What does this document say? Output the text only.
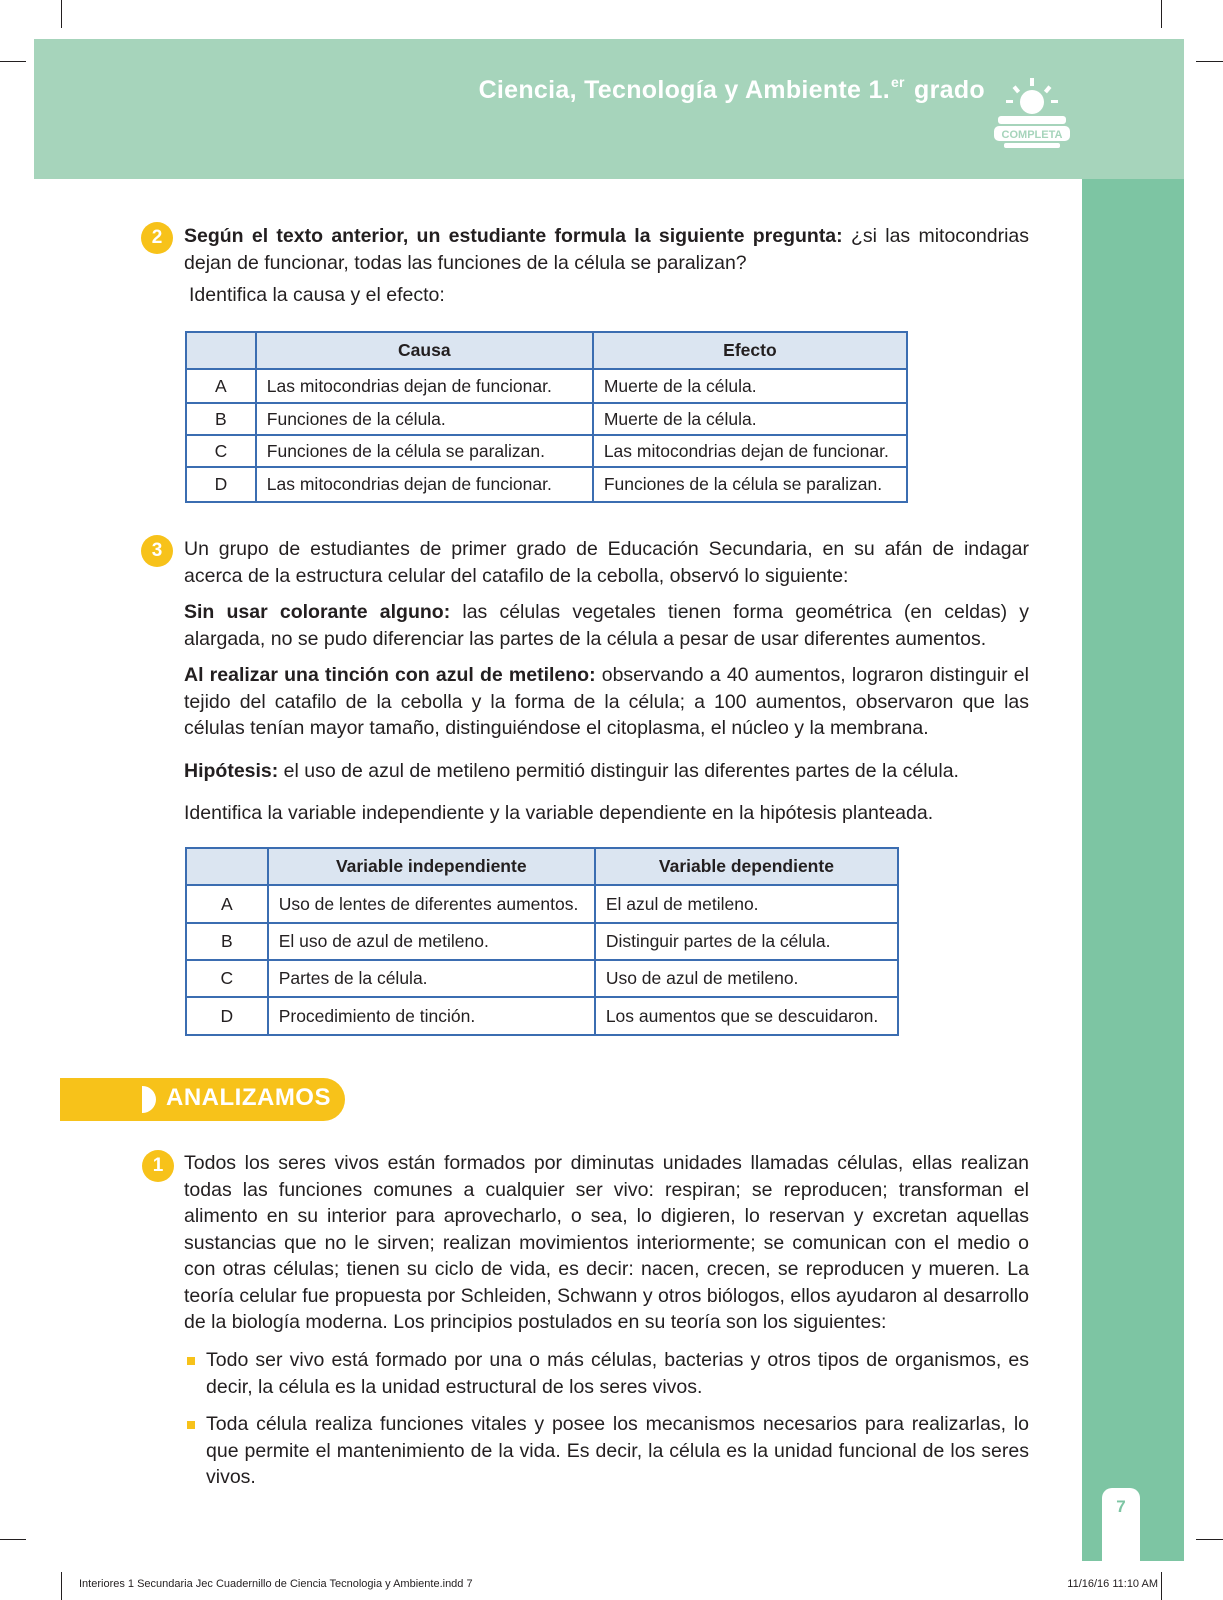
Ciencia, Tecnología y Ambiente 1.$^{er}$ grado
COMPLETA
7
2	Según el texto anterior, un estudiante formula la siguiente pregunta: ¿si las mitocondrias dejan de funcionar, todas las funciones de la célula se paralizan?

Identifica la causa y el efecto:

	Causa	Efecto
A	Las mitocondrias dejan de funcionar.	Muerte de la célula.
B	Funciones de la célula.	Muerte de la célula.
C	Funciones de la célula se paralizan.	Las mitocondrias dejan de funcionar.
D	Las mitocondrias dejan de funcionar.	Funciones de la célula se paralizan.
3	Un grupo de estudiantes de primer grado de Educación Secundaria, en su afán de indagar acerca de la estructura celular del catafilo de la cebolla, observó lo siguiente:

Sin usar colorante alguno: las células vegetales tienen forma geométrica (en celdas) y alargada, no se pudo diferenciar las partes de la célula a pesar de usar diferentes aumentos.

Al realizar una tinción con azul de metileno: observando a 40 aumentos, lograron distinguir el tejido del catafilo de la cebolla y la forma de la célula; a 100 aumentos, observaron que las células tenían mayor tamaño, distinguiéndose el citoplasma, el núcleo y la membrana.

Hipótesis: el uso de azul de metileno permitió distinguir las diferentes partes de la célula.

Identifica la variable independiente y la variable dependiente en la hipótesis planteada.

	Variable independiente	Variable dependiente
A	Uso de lentes de diferentes aumentos.	El azul de metileno.
B	El uso de azul de metileno.	Distinguir partes de la célula.
C	Partes de la célula.	Uso de azul de metileno.
D	Procedimiento de tinción.	Los aumentos que se descuidaron.
ANALIZAMOS
1	Todos los seres vivos están formados por diminutas unidades llamadas células, ellas realizan todas las funciones comunes a cualquier ser vivo: respiran; se reproducen; transforman el alimento en su interior para aprovecharlo, o sea, lo digieren, lo reservan y excretan aquellas sustancias que no le sirven; realizan movimientos interiormente; se comunican con el medio o con otras células; tienen su ciclo de vida, es decir: nacen, crecen, se reproducen y mueren. La teoría celular fue propuesta por Schleiden, Schwann y otros biólogos, ellos ayudaron al desarrollo de la biología moderna. Los principios postulados en su teoría son los siguientes:
Todo ser vivo está formado por una o más células, bacterias y otros tipos de organismos, es decir, la célula es la unidad estructural de los seres vivos.
Toda célula realiza funciones vitales y posee los mecanismos necesarios para realizarlas, lo que permite el mantenimiento de la vida. Es decir, la célula es la unidad funcional de los seres vivos.
Interiores 1 Secundaria Jec Cuadernillo de Ciencia Tecnologia y Ambiente.indd 7	11/16/16 11:10 AM
